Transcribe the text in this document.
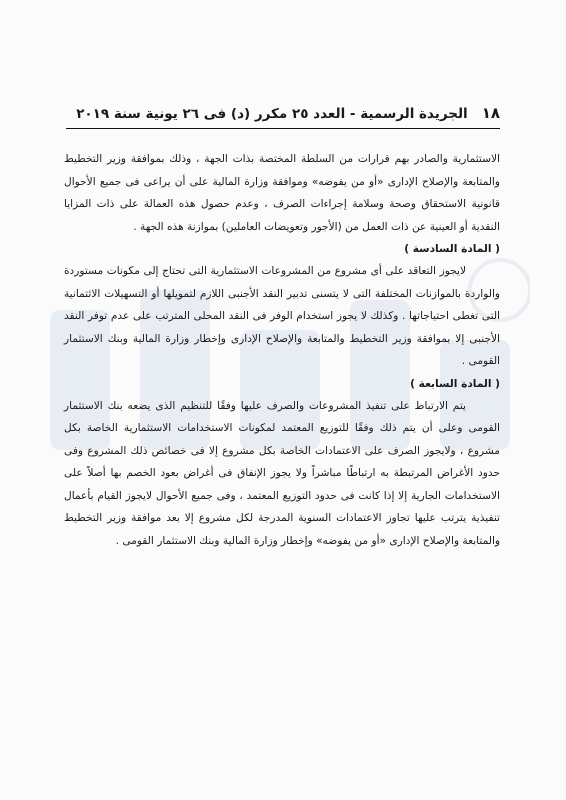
١٨
الجريدة الرسمية - العدد ٢٥ مكرر (د) فى ٢٦ يونية سنة ٢٠١٩

الاستثمارية والصادر بهم قرارات من السلطة المختصة بذات الجهة ، وذلك بموافقة وزير التخطيط والمتابعة والإصلاح الإدارى «أو من يفوضه» وموافقة وزارة المالية على أن يراعى فى جميع الأحوال قانونية الاستحقاق وصحة وسلامة إجراءات الصرف ، وعدم حصول هذه العمالة على ذات المزايا النقدية أو العينية عن ذات العمل من (الأجور وتعويضات العاملين) بموازنة هذه الجهة .

( المادة السادسة )

لايجوز التعاقد على أى مشروع من المشروعات الاستثمارية التى تحتاج إلى مكونات مستوردة والواردة بالموازنات المختلفة التى لا يتسنى تدبير النقد الأجنبى اللازم لتمويلها أو التسهيلات الائتمانية التى تغطى احتياجاتها . وكذلك لا يجوز استخدام الوفر فى النقد المحلى المترتب على عدم توفر النقد الأجنبى إلا بموافقة وزير التخطيط والمتابعة والإصلاح الإدارى وإخطار وزارة المالية وبنك الاستثمار القومى .

( المادة السابعة )

يتم الارتباط على تنفيذ المشروعات والصرف عليها وفقًا للتنظيم الذى يضعه بنك الاستثمار القومى وعلى أن يتم ذلك وفقًا للتوزيع المعتمد لمكونات الاستخدامات الاستثمارية الخاصة بكل مشروع ، ولايجوز الصرف على الاعتمادات الخاصة بكل مشروع إلا فى خصائص ذلك المشروع وفى حدود الأغراض المرتبطة به ارتباطًا مباشراً ولا يجوز الإنفاق فى أغراض بعود الخصم بها أصلاً على الاستخدامات الجارية إلا إذا كانت فى حدود التوزيع المعتمد ، وفى جميع الأحوال لايجوز القيام بأعمال تنفيذية يترتب عليها تجاوز الاعتمادات السنوية المدرجة لكل مشروع إلا بعد موافقة وزير التخطيط والمتابعة والإصلاح الإدارى «أو من يفوضه» وإخطار وزارة المالية وبنك الاستثمار القومى .
